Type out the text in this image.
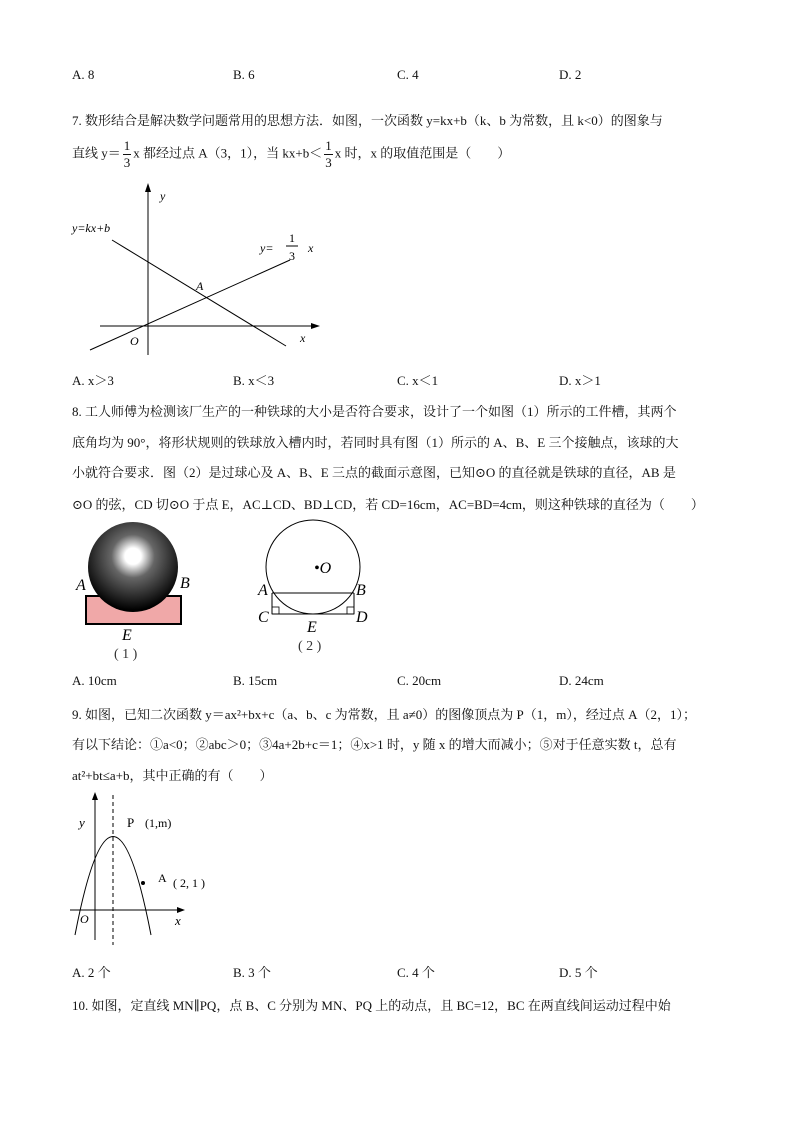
A. 8	B. 6	C. 4	D. 2
7. 数形结合是解决数学问题常用的思想方法．如图，一次函数 y=kx+b（k、b 为常数，且 k<0）的图象与
直线 $y= \frac{1}{3}$ x 都经过点 A（3，1），当 $kx+b< \frac{1}{3}$ x 时，x 的取值范围是（　　）
y
x
O
A
y=kx+b
y=
1
3
x
A. x＞3	B. x＜3	C. x＜1	D. x＞1
8. 工人师傅为检测该厂生产的一种铁球的大小是否符合要求，设计了一个如图（1）所示的工件槽，其两个
底角均为 90°，将形状规则的铁球放入槽内时，若同时具有图（1）所示的 A、B、E 三个接触点，该球的大
小就符合要求．图（2）是过球心及 A、B、E 三点的截面示意图，已知⊙O 的直径就是铁球的直径，AB 是
⊙O 的弦，CD 切⊙O 于点 E，AC⊥CD、BD⊥CD，若 CD=16cm，AC=BD=4cm，则这种铁球的直径为（　　）
A	B
E
( 1 )
•O
A	B
C	D
E
( 2 )
A. 10cm	B. 15cm	C. 20cm	D. 24cm
9. 如图，已知二次函数 y＝ax²+bx+c（a、b、c 为常数，且 a≠0）的图像顶点为 P（1，m），经过点 A（2，1）；
有以下结论：①a<0；②abc＞0；③4a+2b+c＝1；④x>1 时，y 随 x 的增大而减小；⑤对于任意实数 t，总有
at²+bt≤a+b，其中正确的有（　　）
y
x
O
P (1,m)
A ( 2, 1 )
A. 2 个	B. 3 个	C. 4 个	D. 5 个
10. 如图，定直线 MN∥PQ，点 B、C 分别为 MN、PQ 上的动点，且 BC=12，BC 在两直线间运动过程中始
